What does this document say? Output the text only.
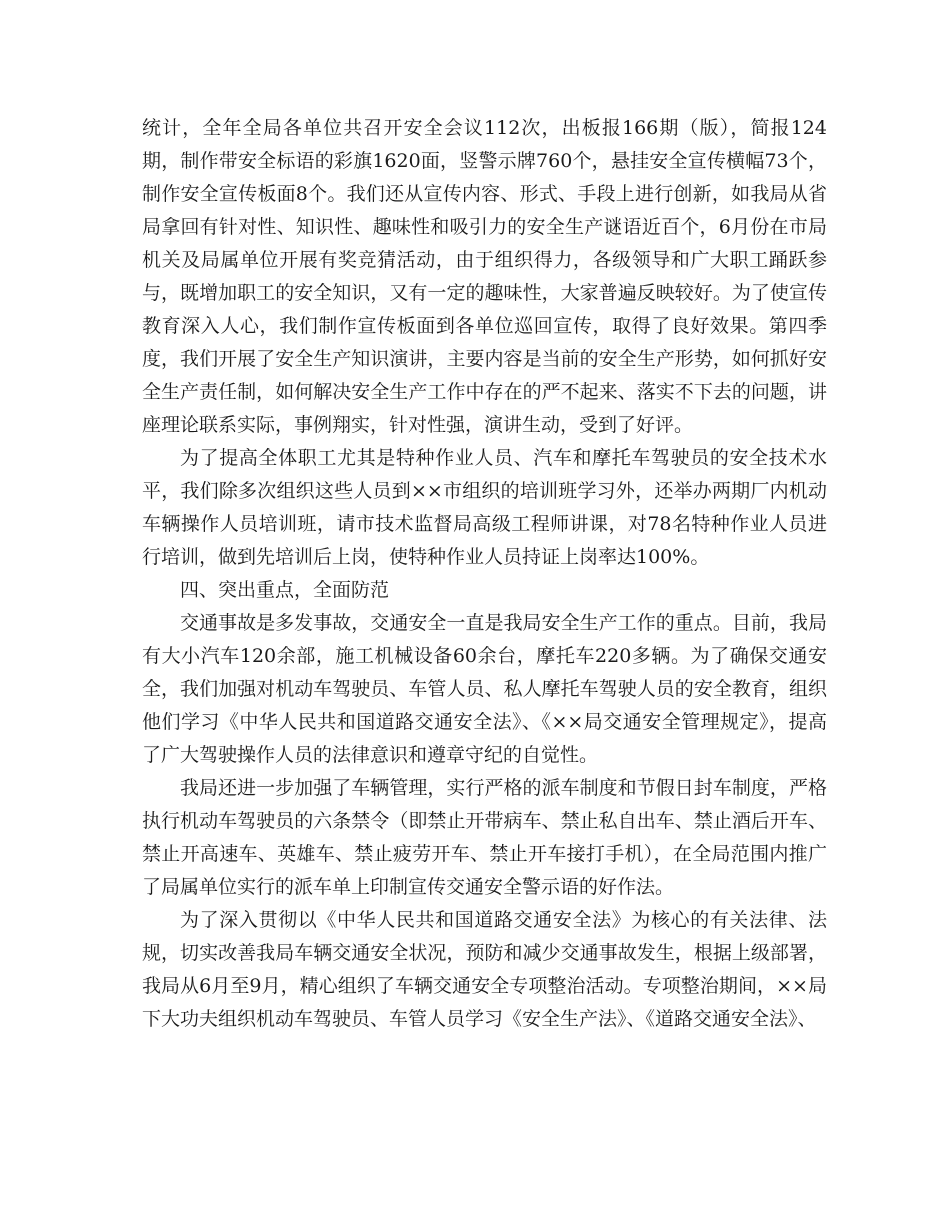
统计，全年全局各单位共召开安全会议112次，出板报166期（版），简报124期，制作带安全标语的彩旗1620面，竖警示牌760个，悬挂安全宣传横幅73个，制作安全宣传板面8个。我们还从宣传内容、形式、手段上进行创新，如我局从省局拿回有针对性、知识性、趣味性和吸引力的安全生产谜语近百个，6月份在市局机关及局属单位开展有奖竞猜活动，由于组织得力，各级领导和广大职工踊跃参与，既增加职工的安全知识，又有一定的趣味性，大家普遍反映较好。为了使宣传教育深入人心，我们制作宣传板面到各单位巡回宣传，取得了良好效果。第四季度，我们开展了安全生产知识演讲，主要内容是当前的安全生产形势，如何抓好安全生产责任制，如何解决安全生产工作中存在的严不起来、落实不下去的问题，讲座理论联系实际，事例翔实，针对性强，演讲生动，受到了好评。

为了提高全体职工尤其是特种作业人员、汽车和摩托车驾驶员的安全技术水平，我们除多次组织这些人员到××市组织的培训班学习外，还举办两期厂内机动车辆操作人员培训班，请市技术监督局高级工程师讲课，对78名特种作业人员进行培训，做到先培训后上岗，使特种作业人员持证上岗率达100%。

四、突出重点，全面防范

交通事故是多发事故，交通安全一直是我局安全生产工作的重点。目前，我局有大小汽车120余部，施工机械设备60余台，摩托车220多辆。为了确保交通安全，我们加强对机动车驾驶员、车管人员、私人摩托车驾驶人员的安全教育，组织他们学习《中华人民共和国道路交通安全法》、《××局交通安全管理规定》，提高了广大驾驶操作人员的法律意识和遵章守纪的自觉性。

我局还进一步加强了车辆管理，实行严格的派车制度和节假日封车制度，严格执行机动车驾驶员的六条禁令（即禁止开带病车、禁止私自出车、禁止酒后开车、禁止开高速车、英雄车、禁止疲劳开车、禁止开车接打手机），在全局范围内推广了局属单位实行的派车单上印制宣传交通安全警示语的好作法。

为了深入贯彻以《中华人民共和国道路交通安全法》为核心的有关法律、法规，切实改善我局车辆交通安全状况，预防和减少交通事故发生，根据上级部署，我局从6月至9月，精心组织了车辆交通安全专项整治活动。专项整治期间，××局下大功夫组织机动车驾驶员、车管人员学习《安全生产法》、《道路交通安全法》、
